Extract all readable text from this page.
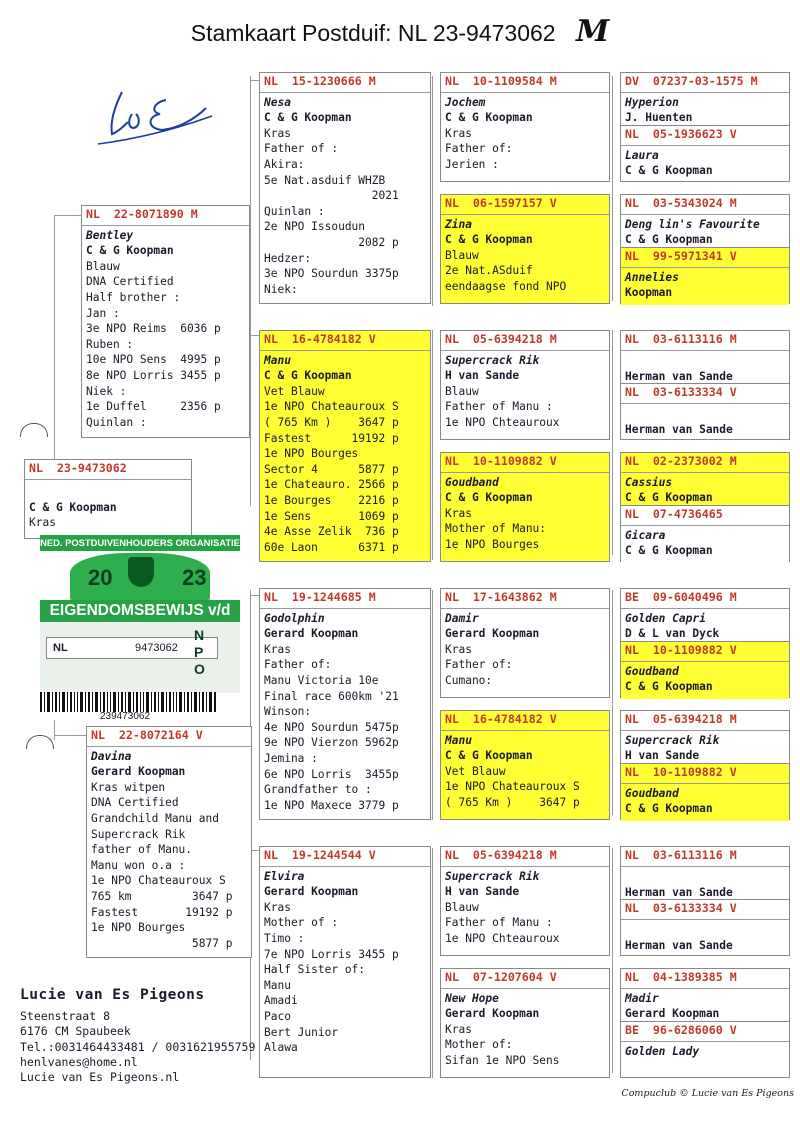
Stamkaart Postduif: NL 23-9473062 M
NL  22-8071890 M
Bentley
C & G Koopman
Blauw
DNA Certified
Half brother :
Jan :
3e NPO Reims  6036 p
Ruben :
10e NPO Sens  4995 p
8e NPO Lorris 3455 p
Niek :
1e Duffel     2356 p
Quinlan :
NL  23-9473062
C & G Koopman
Kras
NED. POSTDUIVENHOUDERS ORGANISATIE
20	23
EIGENDOMSBEWIJS v/d
NL	9473062
N
P
O
239473062
NL  22-8072164 V
Davina
Gerard Koopman
Kras witpen
DNA Certified
Grandchild Manu and
Supercrack Rik
father of Manu.
Manu won o.a :
1e NPO Chateauroux S
765 km         3647 p
Fastest       19192 p
1e NPO Bourges
5877 p
NL  15-1230666 M
Nesa
C & G Koopman
Kras
Father of :
Akira:
5e Nat.asduif WHZB
2021
Quinlan :
2e NPO Issoudun
2082 p
Hedzer:
3e NPO Sourdun 3375p
Niek:
NL  16-4784182 V
Manu
C & G Koopman
Vet Blauw
1e NPO Chateauroux S
( 765 Km )    3647 p
Fastest      19192 p
1e NPO Bourges
Sector 4      5877 p
1e Chateauro. 2566 p
1e Bourges    2216 p
1e Sens       1069 p
4e Asse Zelik  736 p
60e Laon      6371 p
NL  19-1244685 M
Godolphin
Gerard Koopman
Kras
Father of:
Manu Victoria 10e
Final race 600km '21
Winson:
4e NPO Sourdun 5475p
9e NPO Vierzon 5962p
Jemina :
6e NPO Lorris  3455p
Grandfather to :
1e NPO Maxece 3779 p
NL  19-1244544 V
Elvira
Gerard Koopman
Kras
Mother of :
Timo :
7e NPO Lorris 3455 p
Half Sister of:
Manu
Amadi
Paco
Bert Junior
Alawa
NL  10-1109584 M
Jochem
C & G Koopman
Kras
Father of:
Jerien :
NL  06-1597157 V
Zina
C & G Koopman
Blauw
2e Nat.ASduif
eendaagse fond NPO
NL  05-6394218 M
Supercrack Rik
H van Sande
Blauw
Father of Manu :
1e NPO Chteauroux
NL  10-1109882 V
Goudband
C & G Koopman
Kras
Mother of Manu:
1e NPO Bourges
NL  17-1643862 M
Damir
Gerard Koopman
Kras
Father of:
Cumano:
NL  16-4784182 V
Manu
C & G Koopman
Vet Blauw
1e NPO Chateauroux S
( 765 Km )    3647 p
NL  05-6394218 M
Supercrack Rik
H van Sande
Blauw
Father of Manu :
1e NPO Chteauroux
NL  07-1207604 V
New Hope
Gerard Koopman
Kras
Mother of:
Sifan 1e NPO Sens
DV  07237-03-1575 M
Hyperion
J. Huenten
NL  05-1936623 V
Laura
C & G Koopman
NL  03-5343024 M
Deng lin's Favourite
C & G Koopman
NL  99-5971341 V
Annelies
Koopman
NL  03-6113116 M
Herman van Sande
NL  03-6133334 V
Herman van Sande
NL  02-2373002 M
Cassius
C & G Koopman
NL  07-4736465
Gicara
C & G Koopman
BE  09-6040496 M
Golden Capri
D & L van Dyck
NL  10-1109882 V
Goudband
C & G Koopman
NL  05-6394218 M
Supercrack Rik
H van Sande
NL  10-1109882 V
Goudband
C & G Koopman
NL  03-6113116 M
Herman van Sande
NL  03-6133334 V
Herman van Sande
NL  04-1389385 M
Madir
Gerard Koopman
BE  96-6286060 V
Golden Lady
Lucie van Es Pigeons
Steenstraat 8
6176 CM Spaubeek
Tel.:0031464433481 / 0031621955759
henlvanes@home.nl
Lucie van Es Pigeons.nl
Compuclub © Lucie van Es Pigeons
